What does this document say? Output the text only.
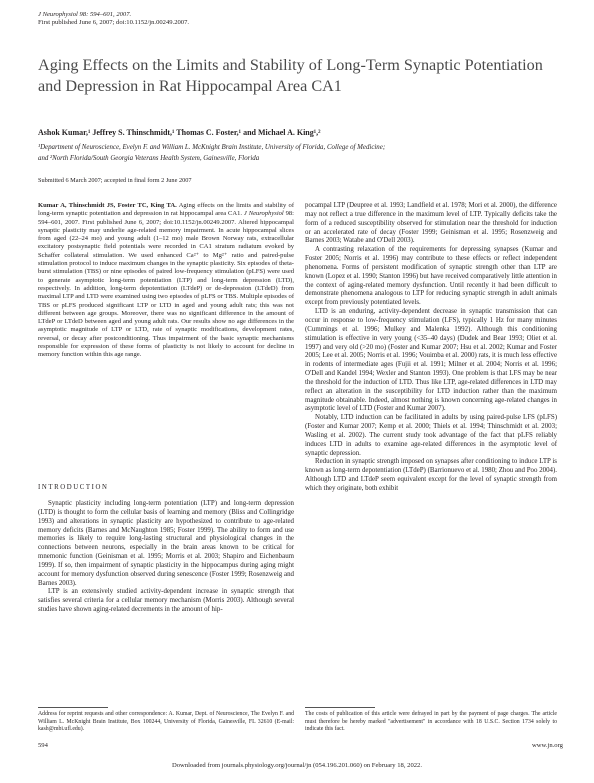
J Neurophysiol 98: 594–601, 2007.
First published June 6, 2007; doi:10.1152/jn.00249.2007.
Aging Effects on the Limits and Stability of Long-Term Synaptic Potentiation and Depression in Rat Hippocampal Area CA1
Ashok Kumar,¹ Jeffrey S. Thinschmidt,¹ Thomas C. Foster,¹ and Michael A. King¹,²
¹Department of Neuroscience, Evelyn F. and William L. McKnight Brain Institute, University of Florida, College of Medicine;
and ²North Florida/South Georgia Veterans Health System, Gainesville, Florida
Submitted 6 March 2007; accepted in final form 2 June 2007

Kumar A, Thinschmidt JS, Foster TC, King TA. Aging effects on the limits and stability of long-term synaptic potentiation and depression in rat hippocampal area CA1. J Neurophysiol 98: 594–601, 2007. First published June 6, 2007; doi:10.1152/jn.00249.2007. Altered hippocampal synaptic plasticity may underlie age-related memory impairment. In acute hippocampal slices from aged (22–24 mo) and young adult (1–12 mo) male Brown Norway rats, extracellular excitatory postsynaptic field potentials were recorded in CA1 stratum radiatum evoked by Schaffer collateral stimulation. We used enhanced Ca²⁺ to Mg²⁺ ratio and paired-pulse stimulation protocol to induce maximum changes in the synaptic plasticity. Six episodes of theta-burst stimulation (TBS) or nine episodes of paired low-frequency stimulation (pLFS) were used to generate asymptotic long-term potentiation (LTP) and long-term depression (LTD), respectively. In addition, long-term depotentiation (LTdeP) or de-depression (LTdeD) from maximal LTP and LTD were examined using two episodes of pLFS or TBS. Multiple episodes of TBS or pLFS produced significant LTP or LTD in aged and young adult rats; this was not different between age groups. Moreover, there was no significant difference in the amount of LTdeP or LTdeD between aged and young adult rats. Our results show no age differences in the asymptotic magnitude of LTP or LTD, rate of synaptic modifications, development rates, reversal, or decay after postconditioning. Thus impairment of the basic synaptic mechanisms responsible for expression of these forms of plasticity is not likely to account for decline in memory function within this age range.

INTRODUCTION

Synaptic plasticity including long-term potentiation (LTP) and long-term depression (LTD) is thought to form the cellular basis of learning and memory (Bliss and Collingridge 1993) and alterations in synaptic plasticity are hypothesized to contribute to age-related memory deficits (Barnes and McNaughton 1985; Foster 1999). The ability to form and use memories is likely to require long-lasting structural and physiological changes in the connections between neurons, especially in the brain areas known to be critical for mnemonic function (Geinisman et al. 1995; Morris et al. 2003; Shapiro and Eichenbaum 1999). If so, then impairment of synaptic plasticity in the hippocampus during aging might account for memory dysfunction observed during senescence (Foster 1999; Rosenzweig and Barnes 2003).

LTP is an extensively studied activity-dependent increase in synaptic strength that satisfies several criteria for a cellular memory mechanism (Morris 2003). Although several studies have shown aging-related decrements in the amount of hip-

pocampal LTP (Deupree et al. 1993; Landfield et al. 1978; Mori et al. 2000), the difference may not reflect a true difference in the maximum level of LTP. Typically deficits take the form of a reduced susceptibility observed for stimulation near the threshold for induction or an accelerated rate of decay (Foster 1999; Geinisman et al. 1995; Rosenzweig and Barnes 2003; Watabe and O'Dell 2003).

A contrasting relaxation of the requirements for depressing synapses (Kumar and Foster 2005; Norris et al. 1996) may contribute to these effects or reflect independent phenomena. Forms of persistent modification of synaptic strength other than LTP are known (Lopez et al. 1990; Stanton 1996) but have received comparatively little attention in the context of aging-related memory dysfunction. Until recently it had been difficult to demonstrate phenomena analogous to LTP for reducing synaptic strength in adult animals except from previously potentiated levels.

LTD is an enduring, activity-dependent decrease in synaptic transmission that can occur in response to low-frequency stimulation (LFS), typically 1 Hz for many minutes (Cummings et al. 1996; Mulkey and Malenka 1992). Although this conditioning stimulation is effective in very young (<35–40 days) (Dudek and Bear 1993; Oliet et al. 1997) and very old (>20 mo) (Foster and Kumar 2007; Hsu et al. 2002; Kumar and Foster 2005; Lee et al. 2005; Norris et al. 1996; Vouimba et al. 2000) rats, it is much less effective in rodents of intermediate ages (Fujii et al. 1991; Milner et al. 2004; Norris et al. 1996; O'Dell and Kandel 1994; Wexler and Stanton 1993). One problem is that LFS may be near the threshold for the induction of LTD. Thus like LTP, age-related differences in LTD may reflect an alteration in the susceptibility for LTD induction rather than the maximum magnitude obtainable. Indeed, almost nothing is known concerning age-related changes in asymptotic level of LTD (Foster and Kumar 2007).

Notably, LTD induction can be facilitated in adults by using paired-pulse LFS (pLFS) (Foster and Kumar 2007; Kemp et al. 2000; Thiels et al. 1994; Thinschmidt et al. 2003; Wasling et al. 2002). The current study took advantage of the fact that pLFS reliably induces LTD in adults to examine age-related differences in the asymptotic level of synaptic depression.

Reduction in synaptic strength imposed on synapses after conditioning to induce LTP is known as long-term depotentiation (LTdeP) (Barrionuevo et al. 1980; Zhou and Poo 2004). Although LTD and LTdeP seem equivalent except for the level of synaptic strength from which they originate, both exhibit

Address for reprint requests and other correspondence: A. Kumar, Dept. of Neuroscience, The Evelyn F. and William L. McKnight Brain Institute, Box 100244, University of Florida, Gainesville, FL 32610 (E-mail: kash@mbi.ufl.edu).
The costs of publication of this article were defrayed in part by the payment of page charges. The article must therefore be hereby marked "advertisement" in accordance with 18 U.S.C. Section 1734 solely to indicate this fact.
594	www.jn.org
Downloaded from journals.physiology.org/journal/jn (054.196.201.060) on February 18, 2022.
